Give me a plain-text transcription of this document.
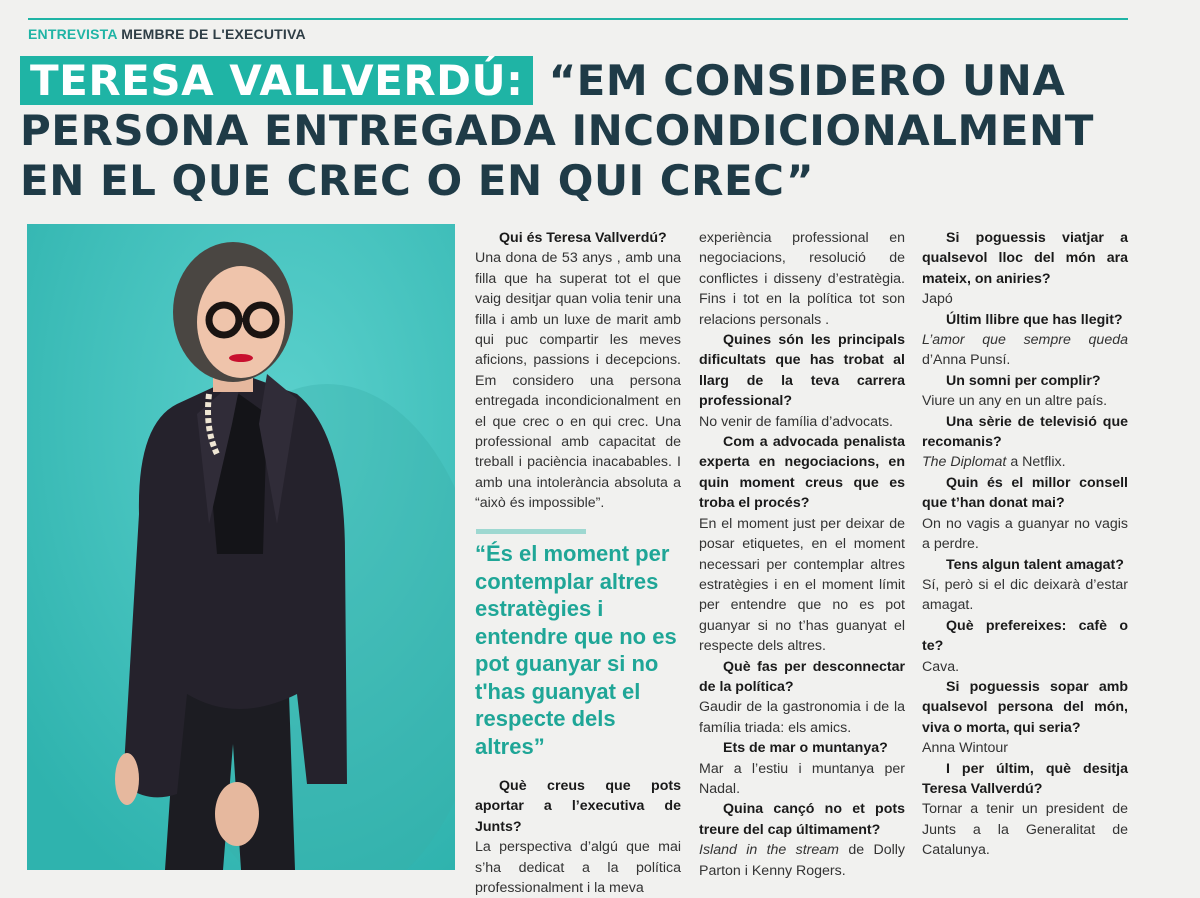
ENTREVISTA MEMBRE DE L'EXECUTIVA
TERESA VALLVERDÚ: “EM CONSIDERO UNA PERSONA ENTREGADA INCONDICIONALMENT EN EL QUE CREC O EN QUI CREC”

Qui és Teresa Vallverdú?

Una dona de 53 anys , amb una filla que ha superat tot el que vaig desitjar quan volia tenir una filla i amb un luxe de marit amb qui puc compartir les meves aficions, passions i decepcions. Em considero una persona entregada incondicionalment en el que crec o en qui crec. Una professional amb capacitat de treball i paciència inacabables. I amb una intolerància absoluta a “això és impossible”.

“És el moment per contemplar altres estratègies i entendre que no es pot guanyar si no t'has guanyat el respecte dels altres”

Què creus que pots aportar a l’executiva de Junts?

La perspectiva d’algú que mai s’ha dedicat a la política professionalment i la meva

experiència professional en negociacions, resolució de conflictes i disseny d’estratègia. Fins i tot en la política tot son relacions personals .

Quines són les principals dificultats que has trobat al llarg de la teva carrera professional?

No venir de família d’advocats.

Com a advocada penalista experta en negociacions, en quin moment creus que es troba el procés?

En el moment just per deixar de posar etiquetes, en el moment necessari per contemplar altres estratègies i en el moment límit per entendre que no es pot guanyar si no t’has guanyat el respecte dels altres.

Què fas per desconnectar de la política?

Gaudir de la gastronomia i de la família triada: els amics.

Ets de mar o muntanya?

Mar a l’estiu i muntanya per Nadal.

Quina cançó no et pots treure del cap últimament?

Island in the stream de Dolly Parton i Kenny Rogers.

Si poguessis viatjar a qualsevol lloc del món ara mateix, on aniries?

Japó

Últim llibre que has llegit?

L’amor que sempre queda d’Anna Punsí.

Un somni per complir?

Viure un any en un altre país.

Una sèrie de televisió que recomanis?

The Diplomat a Netflix.

Quin és el millor consell que t’han donat mai?

On no vagis a guanyar no vagis a perdre.

Tens algun talent amagat?

Sí, però si el dic deixarà d’estar amagat.

Què prefereixes: cafè o te?

Cava.

Si poguessis sopar amb qualsevol persona del món, viva o morta, qui seria?

Anna Wintour

I per últim, què desitja Teresa Vallverdú?

Tornar a tenir un president de Junts a la Generalitat de Catalunya.
